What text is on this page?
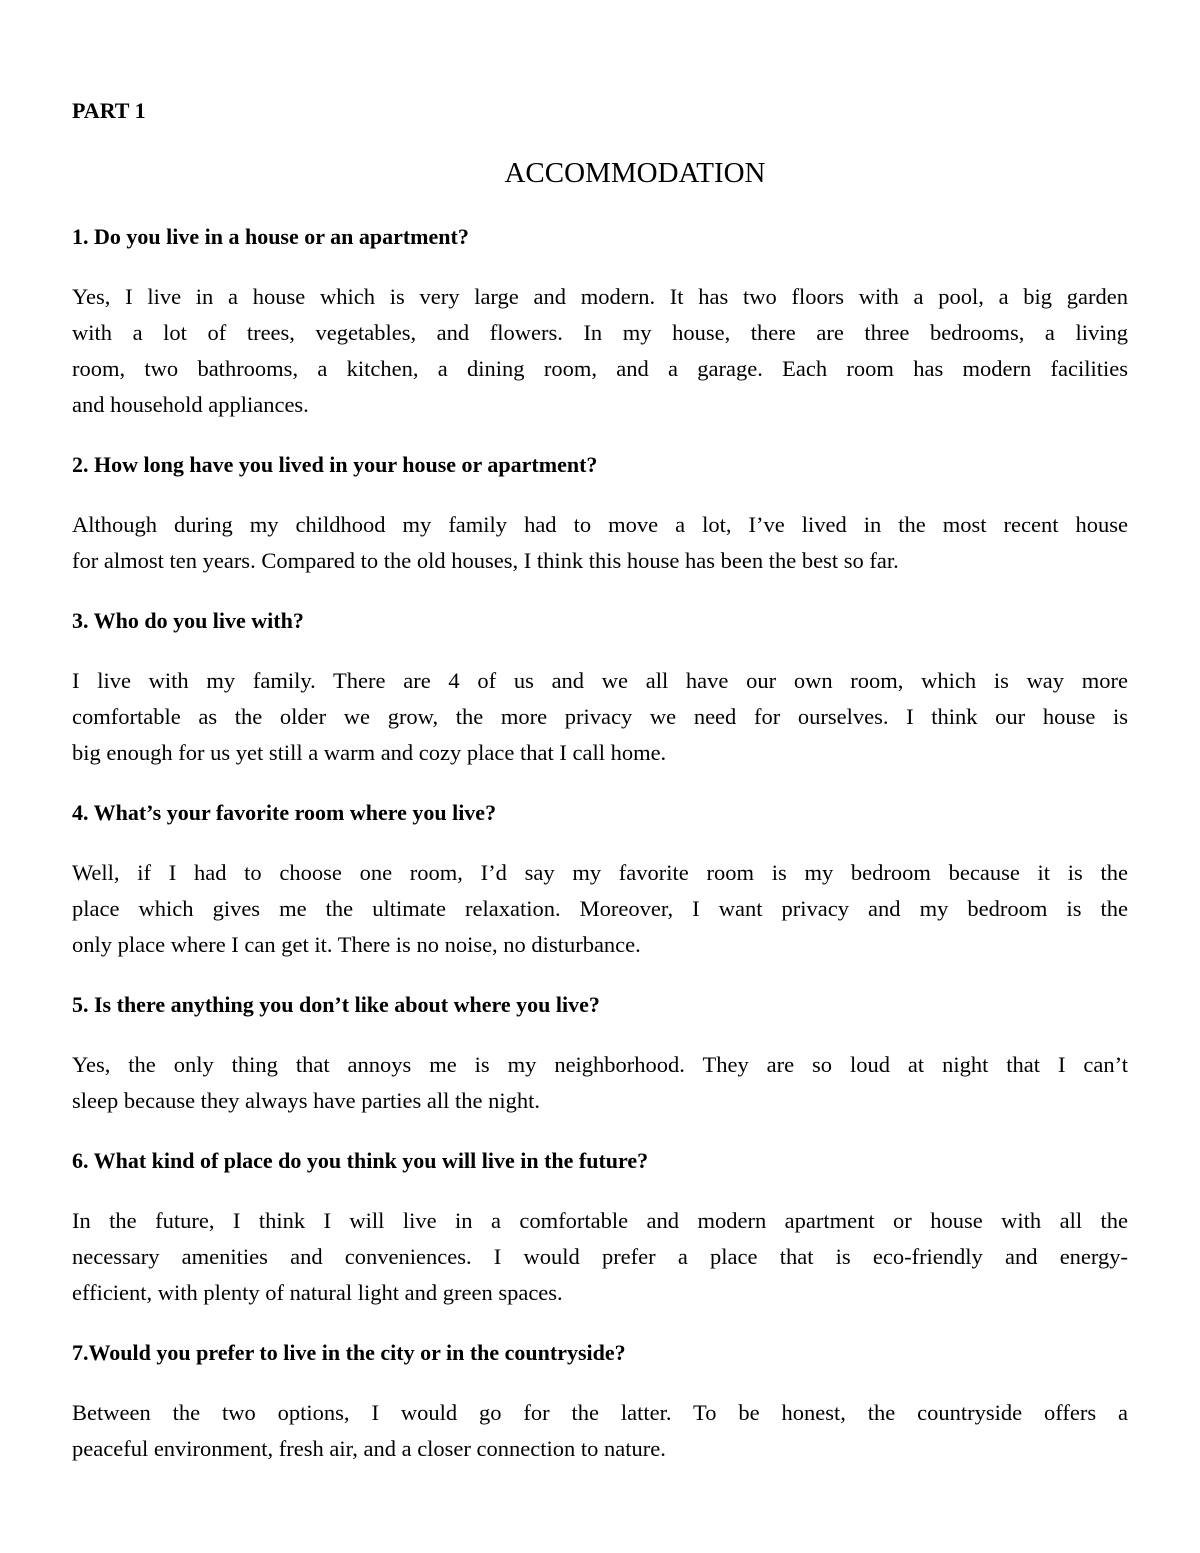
PART 1
ACCOMMODATION
1. Do you live in a house or an apartment?
Yes, I live in a house which is very large and modern. It has two floors with a pool, a big garden
with a lot of trees, vegetables, and flowers. In my house, there are three bedrooms, a living
room, two bathrooms, a kitchen, a dining room, and a garage. Each room has modern facilities
and household appliances.
2. How long have you lived in your house or apartment?
Although during my childhood my family had to move a lot, I’ve lived in the most recent house
for almost ten years. Compared to the old houses, I think this house has been the best so far.
3. Who do you live with?
I live with my family. There are 4 of us and we all have our own room, which is way more
comfortable as the older we grow, the more privacy we need for ourselves. I think our house is
big enough for us yet still a warm and cozy place that I call home.
4. What’s your favorite room where you live?
Well, if I had to choose one room, I’d say my favorite room is my bedroom because it is the
place which gives me the ultimate relaxation. Moreover, I want privacy and my bedroom is the
only place where I can get it. There is no noise, no disturbance.
5. Is there anything you don’t like about where you live?
Yes, the only thing that annoys me is my neighborhood. They are so loud at night that I can’t
sleep because they always have parties all the night.
6. What kind of place do you think you will live in the future?
In the future, I think I will live in a comfortable and modern apartment or house with all the
necessary amenities and conveniences. I would prefer a place that is eco-friendly and energy-
efficient, with plenty of natural light and green spaces.
7.Would you prefer to live in the city or in the countryside?
Between the two options, I would go for the latter. To be honest, the countryside offers a
peaceful environment, fresh air, and a closer connection to nature.
